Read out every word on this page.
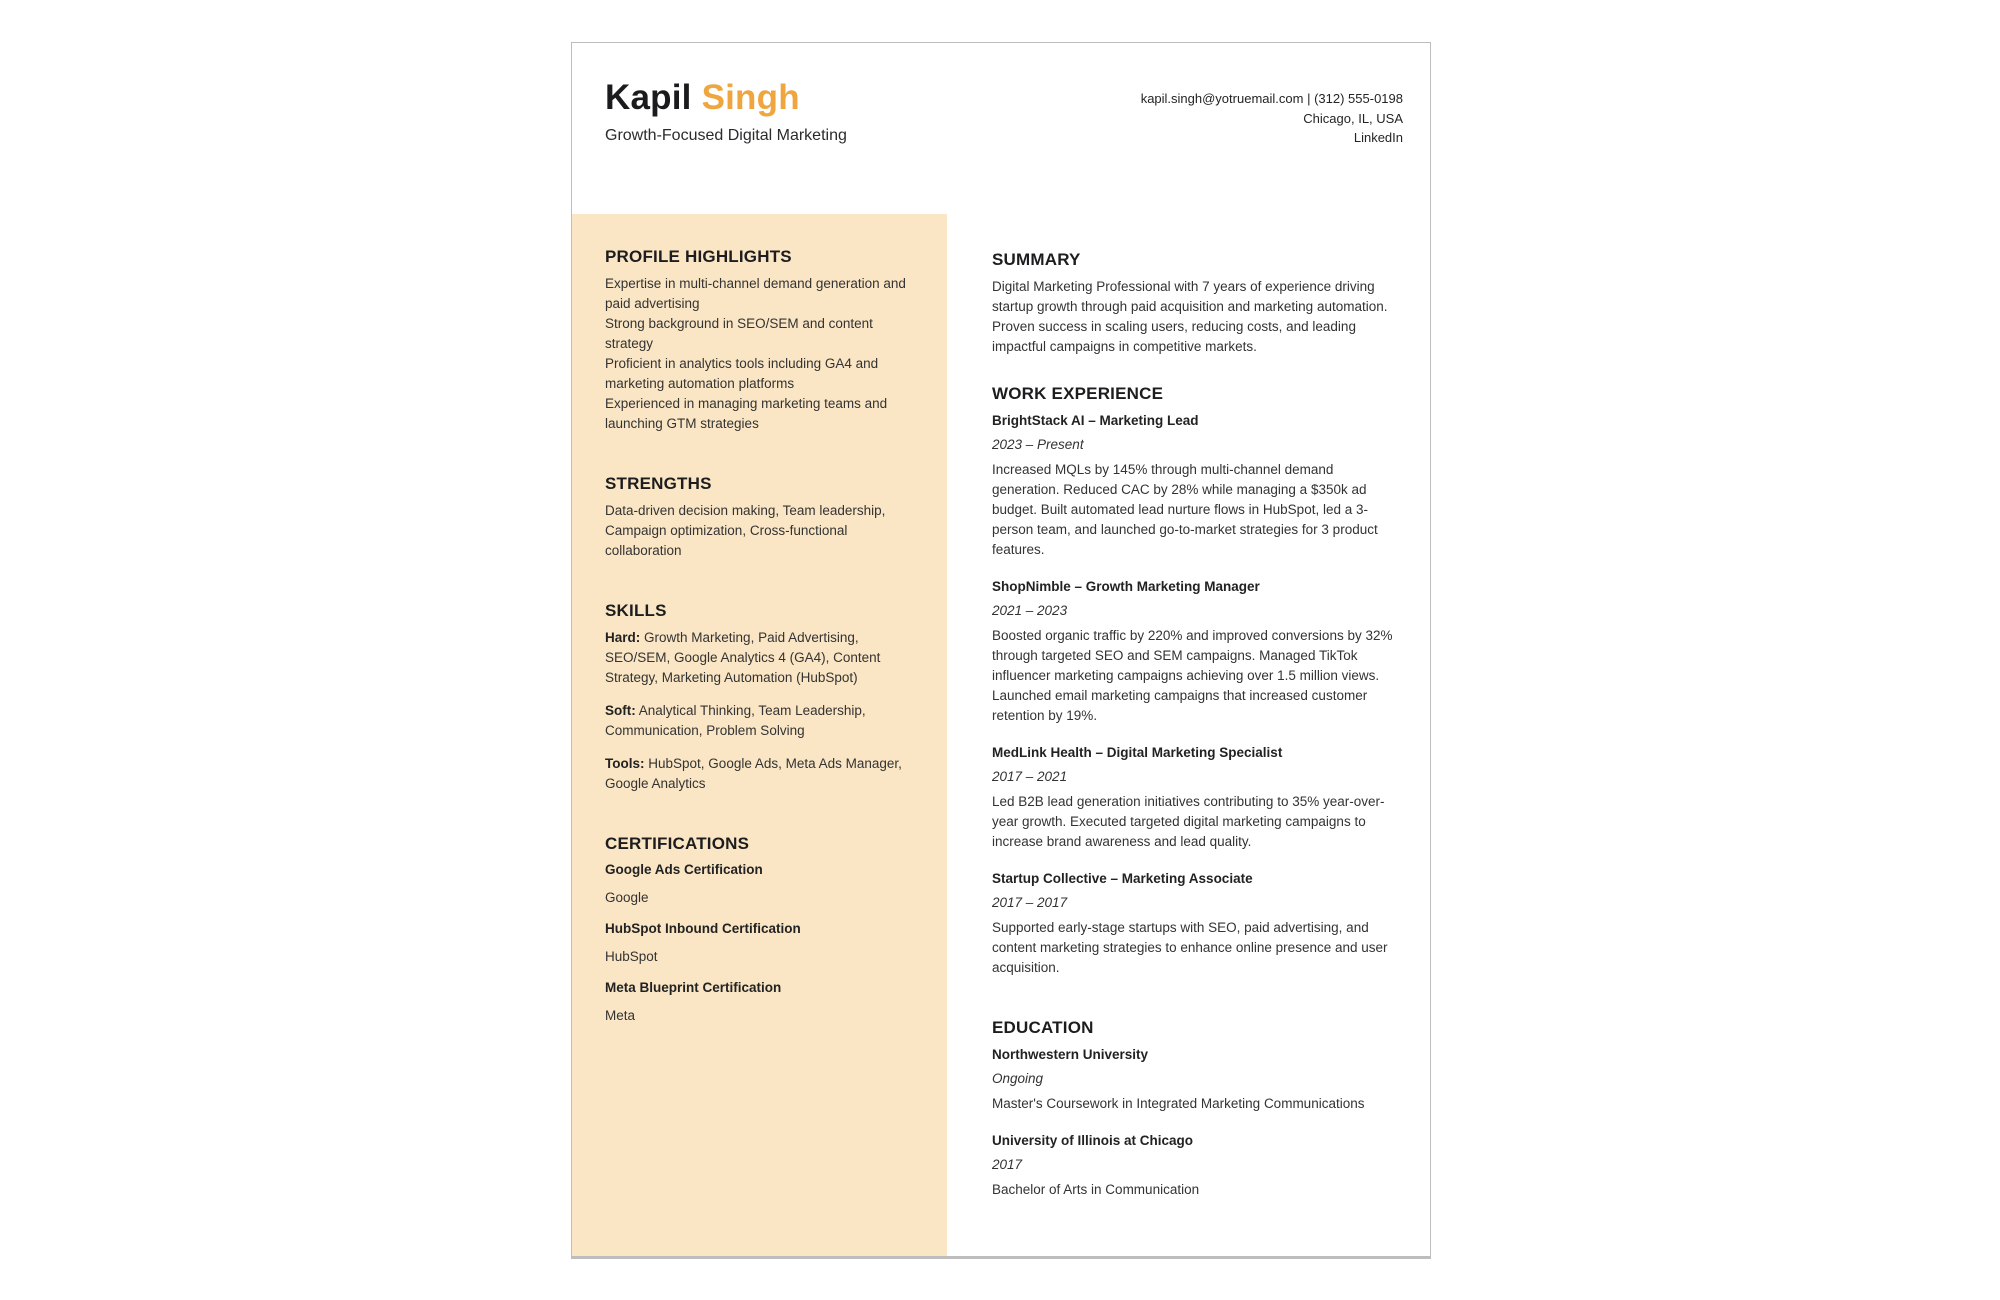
Kapil Singh
Growth-Focused Digital Marketing
kapil.singh@yotruemail.com | (312) 555-0198
Chicago, IL, USA
LinkedIn
PROFILE HIGHLIGHTS
Expertise in multi-channel demand generation and paid advertising
Strong background in SEO/SEM and content strategy
Proficient in analytics tools including GA4 and marketing automation platforms
Experienced in managing marketing teams and launching GTM strategies
STRENGTHS

Data-driven decision making, Team leadership, Campaign optimization, Cross-functional collaboration

SKILLS

Hard: Growth Marketing, Paid Advertising, SEO/SEM, Google Analytics 4 (GA4), Content Strategy, Marketing Automation (HubSpot)

Soft: Analytical Thinking, Team Leadership, Communication, Problem Solving

Tools: HubSpot, Google Ads, Meta Ads Manager, Google Analytics

CERTIFICATIONS

Google Ads Certification

Google

HubSpot Inbound Certification

HubSpot

Meta Blueprint Certification

Meta

SUMMARY

Digital Marketing Professional with 7 years of experience driving startup growth through paid acquisition and marketing automation. Proven success in scaling users, reducing costs, and leading impactful campaigns in competitive markets.

WORK EXPERIENCE

BrightStack AI – Marketing Lead

2023 – Present

Increased MQLs by 145% through multi-channel demand generation. Reduced CAC by 28% while managing a $350k ad budget. Built automated lead nurture flows in HubSpot, led a 3-person team, and launched go-to-market strategies for 3 product features.

ShopNimble – Growth Marketing Manager

2021 – 2023

Boosted organic traffic by 220% and improved conversions by 32% through targeted SEO and SEM campaigns. Managed TikTok influencer marketing campaigns achieving over 1.5 million views. Launched email marketing campaigns that increased customer retention by 19%.

MedLink Health – Digital Marketing Specialist

2017 – 2021

Led B2B lead generation initiatives contributing to 35% year-over-year growth. Executed targeted digital marketing campaigns to increase brand awareness and lead quality.

Startup Collective – Marketing Associate

2017 – 2017

Supported early-stage startups with SEO, paid advertising, and content marketing strategies to enhance online presence and user acquisition.

EDUCATION

Northwestern University

Ongoing

Master's Coursework in Integrated Marketing Communications

University of Illinois at Chicago

2017

Bachelor of Arts in Communication
